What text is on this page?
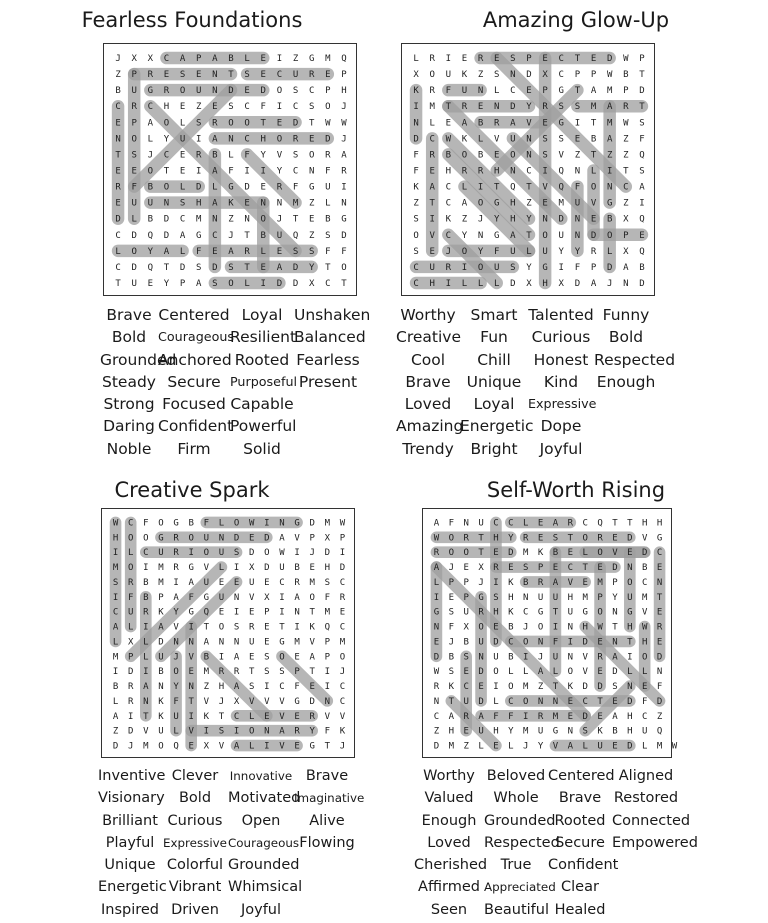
Fearless Foundations
J X X C A P A B L E I Z G M Q
Z P R E S E N T S E C U R E P
B U G R O U N D E D O S C P H
C R C H E Z E S C F I C S O J
E P A O L S R O O T E D T W W
N O L Y U I A N C H O R E D J
T S J C E R B L F Y V S O R A
E E O T E I A F I I Y C N F R
R F B O L D L G D E R F G U I
E U U N S H A K E N N M Z L N
D L B D C M N Z N O J T E B G
C D Q D A G C J T B U Q Z S D
L O Y A L F E A R L E S S F F
C D Q T D S D S T E A D Y T O
T U E Y P A S O L I D D X C T
Brave
Bold
Grounded
Steady
Strong
Daring
Noble
Centered
Courageous
Anchored
Secure
Focused
Confident
Firm
Loyal
Resilient
Rooted
Purposeful
Capable
Powerful
Solid
Unshaken
Balanced
Fearless
Present
Amazing Glow-Up
L R I E R E S P E C T E D W P
X O U K Z S N D X C P P W B T
K R F U N L C E P G T A M P D
I M T R E N D Y R S S M A R T
N L E A B R A V E G I T M W S
D C W K L V U N S S E B A Z F
F R B O B E O N S V Z T Z Z Q
F E H R R H N C I Q N L I T S
K A C L I T Q T V Q F O N C A
Z T C A O G H Z E M U V G Z I
S I K Z J Y H Y N D N E B X Q
O V C Y N G A T O U N D O P E
S E J O Y F U L U Y Y R L X Q
C U R I O U S Y G I F P D A B
C H I L L L D X H X D A J N D
Worthy
Creative
Cool
Brave
Loved
Amazing
Trendy
Smart
Fun
Chill
Unique
Loyal
Energetic
Bright
Talented
Curious
Honest
Kind
Expressive
Dope
Joyful
Funny
Bold
Respected
Enough
Creative Spark
W C F O G B F L O W I N G D M W
H O O G R O U N D E D A V P X P
I L C U R I O U S D O W I J D I
M O I M R G V L I X D U B E H D
S R B M I A U E E U E C R M S C
I F B P A F G U N V X I A O F R
C U R K Y G Q E I E P I N T M E
A L I A V I T O S R E T I K Q C
L X L D N N A N N U E G M V P M
M P L U J V B I A E S O E A P O
I D I B O E M R R T S S P T I J
B R A N Y N Z H A S I C F E I C
L R N K F T V J X V V V G D N C
A I T K U I K T C L E V E R V V
Z D V U L V I S I O N A R Y F K
D J M O Q E X V A L I V E G T J
Inventive
Visionary
Brilliant
Playful
Unique
Energetic
Inspired
Clever
Bold
Curious
Expressive
Colorful
Vibrant
Driven
Innovative
Motivated
Open
Courageous
Grounded
Whimsical
Joyful
Brave
Imaginative
Alive
Flowing
Self-Worth Rising
A F N U C C L E A R C Q T T H H
W O R T H Y R E S T O R E D V G
R O O T E D M K B E L O V E D C
A J E X R E S P E C T E D N B E
L P P J I K B R A V E M P O C N
I E P G S H N U U H M P Y U M T
G S U R H K C G T U G O N G V E
N F X O E B J O I N H W T H W R
E J B U D C O N F I D E N T H E
D B S N U B I J U N V R A I O D
W S E D O L L A L O V E D L L N
R K C E I O M Z T K D D S N E F
N T U D L C O N N E C T E D F D
C A R A F F I R M E D E A H C Z
Z H E U H Y M U G N S K B H U Q
D M Z L E L J Y V A L U E D L M W
Worthy
Valued
Enough
Loved
Cherished
Affirmed
Seen
Beloved
Whole
Grounded
Respected
True
Appreciated
Beautiful
Centered
Brave
Rooted
Secure
Confident
Clear
Healed
Aligned
Restored
Connected
Empowered
